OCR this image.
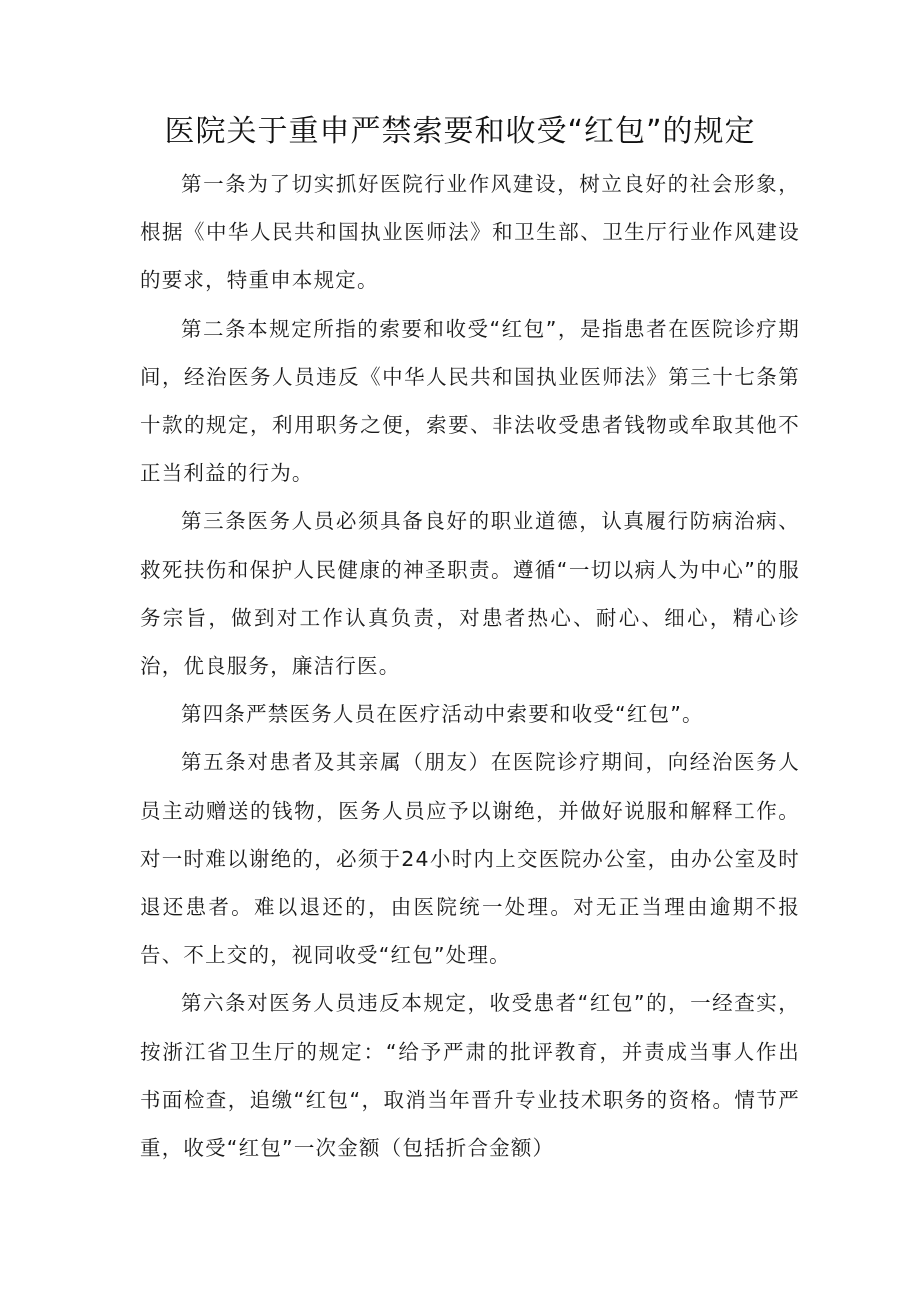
医院关于重申严禁索要和收受“红包”的规定

第一条为了切实抓好医院行业作风建设，树立良好的社会形象，根据《中华人民共和国执业医师法》和卫生部、卫生厅行业作风建设的要求，特重申本规定。

第二条本规定所指的索要和收受“红包”，是指患者在医院诊疗期间，经治医务人员违反《中华人民共和国执业医师法》第三十七条第十款的规定，利用职务之便，索要、非法收受患者钱物或牟取其他不正当利益的行为。

第三条医务人员必须具备良好的职业道德，认真履行防病治病、救死扶伤和保护人民健康的神圣职责。遵循“一切以病人为中心”的服务宗旨，做到对工作认真负责，对患者热心、耐心、细心，精心诊治，优良服务，廉洁行医。

第四条严禁医务人员在医疗活动中索要和收受“红包”。

第五条对患者及其亲属（朋友）在医院诊疗期间，向经治医务人员主动赠送的钱物，医务人员应予以谢绝，并做好说服和解释工作。对一时难以谢绝的，必须于24小时内上交医院办公室，由办公室及时退还患者。难以退还的，由医院统一处理。对无正当理由逾期不报告、不上交的，视同收受“红包”处理。

第六条对医务人员违反本规定，收受患者“红包”的，一经查实，按浙江省卫生厅的规定：“给予严肃的批评教育，并责成当事人作出书面检查，追缴“红包“，取消当年晋升专业技术职务的资格。情节严重，收受“红包”一次金额（包括折合金额）
